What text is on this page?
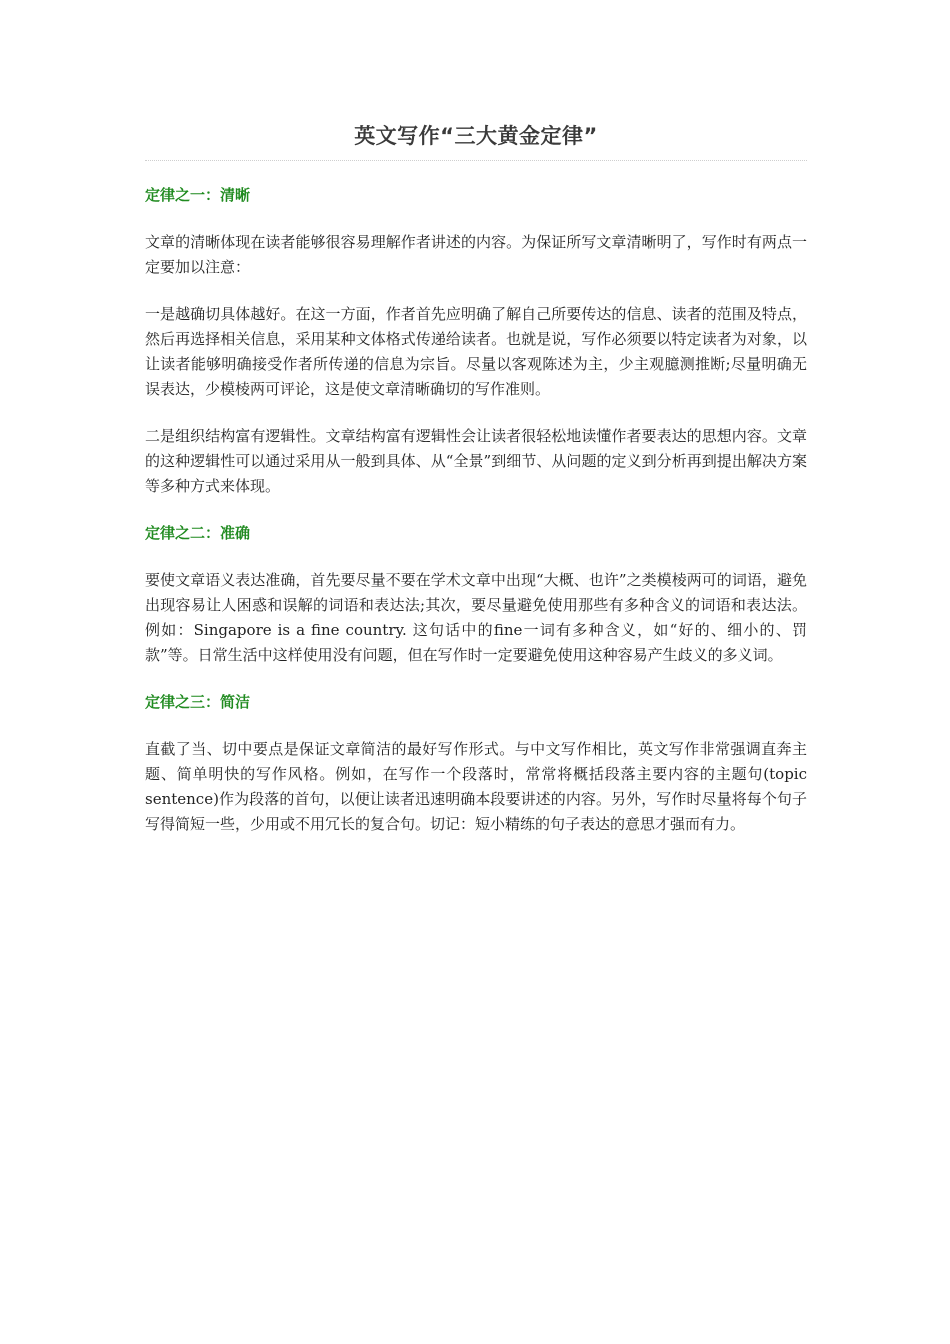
英文写作“三大黄金定律”
定律之一：清晰

文章的清晰体现在读者能够很容易理解作者讲述的内容。为保证所写文章清晰明了，写作时有两点一定要加以注意：

一是越确切具体越好。在这一方面，作者首先应明确了解自己所要传达的信息、读者的范围及特点，然后再选择相关信息，采用某种文体格式传递给读者。也就是说，写作必须要以特定读者为对象，以让读者能够明确接受作者所传递的信息为宗旨。尽量以客观陈述为主，少主观臆测推断;尽量明确无误表达，少模棱两可评论，这是使文章清晰确切的写作准则。

二是组织结构富有逻辑性。文章结构富有逻辑性会让读者很轻松地读懂作者要表达的思想内容。文章的这种逻辑性可以通过采用从一般到具体、从“全景”到细节、从问题的定义到分析再到提出解决方案等多种方式来体现。

定律之二：准确

要使文章语义表达准确，首先要尽量不要在学术文章中出现“大概、也许”之类模棱两可的词语，避免出现容易让人困惑和误解的词语和表达法;其次，要尽量避免使用那些有多种含义的词语和表达法。例如：Singapore is a fine country. 这句话中的fine一词有多种含义，如“好的、细小的、罚款”等。日常生活中这样使用没有问题，但在写作时一定要避免使用这种容易产生歧义的多义词。

定律之三：简洁

直截了当、切中要点是保证文章简洁的最好写作形式。与中文写作相比，英文写作非常强调直奔主题、简单明快的写作风格。例如，在写作一个段落时，常常将概括段落主要内容的主题句(topic sentence)作为段落的首句，以便让读者迅速明确本段要讲述的内容。另外，写作时尽量将每个句子写得简短一些，少用或不用冗长的复合句。切记：短小精练的句子表达的意思才强而有力。
